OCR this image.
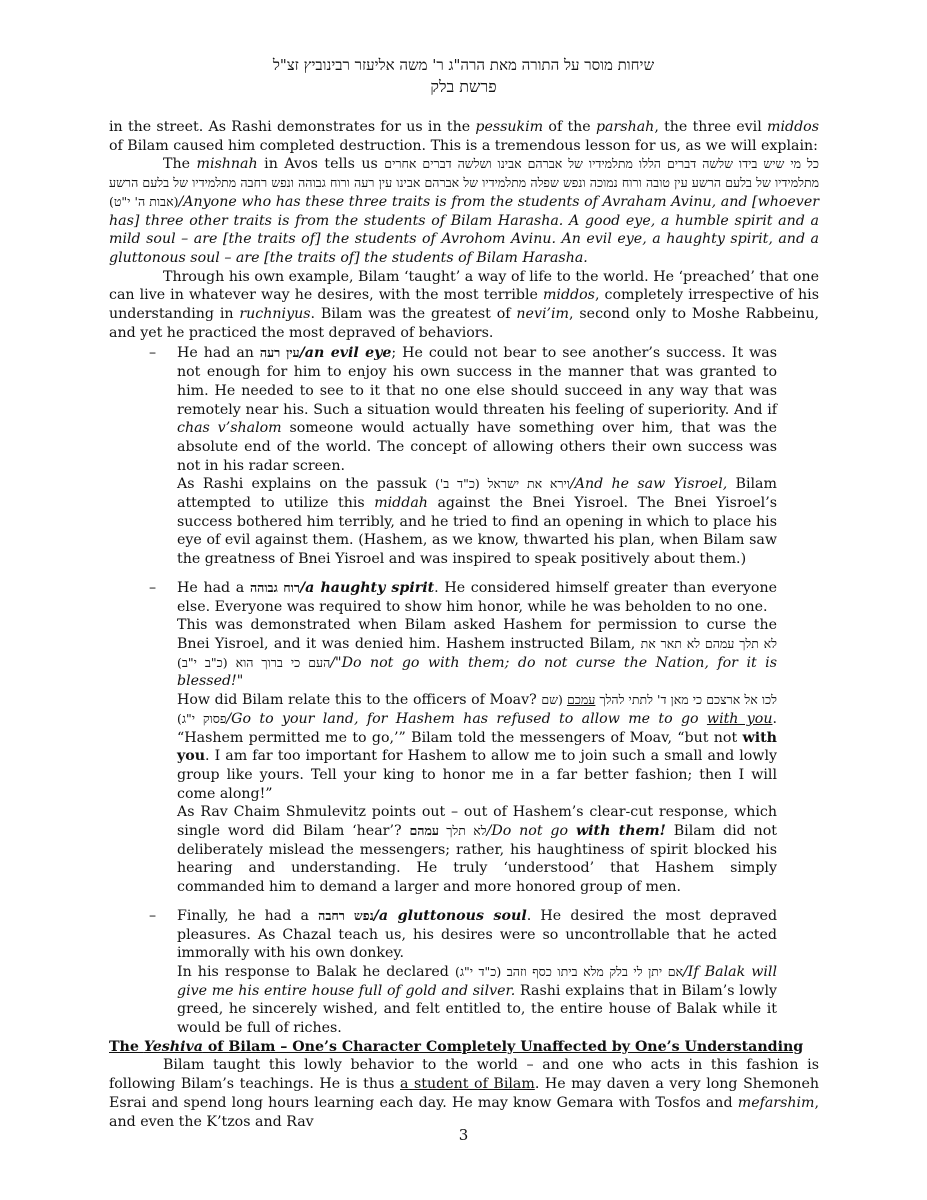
שיחות מוסר על התורה מאת הרה"ג ר' משה אליעזר רבינוביץ זצ"ל
פרשת בלק

in the street. As Rashi demonstrates for us in the pessukim of the parshah, the three evil middos of Bilam caused him completed destruction. This is a tremendous lesson for us, as we will explain:

The mishnah in Avos tells us כל מי שיש בידו שלשה דברים הללו מתלמידיו של אברהם אבינו ושלשה דברים אחרים מתלמידיו של בלעם הרשע עין טובה ורוח נמוכה ונפש שפלה מתלמידיו של אברהם אבינו עין רעה ורוח גבוהה ונפש רחבה מתלמידיו של בלעם הרשע (אבות ה' י"ט)/Anyone who has these three traits is from the students of Avraham Avinu, and [whoever has] three other traits is from the students of Bilam Harasha. A good eye, a humble spirit and a mild soul – are [the traits of] the students of Avrohom Avinu. An evil eye, a haughty spirit, and a gluttonous soul – are [the traits of] the students of Bilam Harasha.

Through his own example, Bilam ‘taught’ a way of life to the world. He ‘preached’ that one can live in whatever way he desires, with the most terrible middos, completely irrespective of his understanding in ruchniyus. Bilam was the greatest of nevi’im, second only to Moshe Rabbeinu, and yet he practiced the most depraved of behaviors.

– He had an עין רעה/an evil eye; He could not bear to see another’s success. It was not enough for him to enjoy his own success in the manner that was granted to him. He needed to see to it that no one else should succeed in any way that was remotely near his. Such a situation would threaten his feeling of superiority. And if chas v’shalom someone would actually have something over him, that was the absolute end of the world. The concept of allowing others their own success was not in his radar screen.

As Rashi explains on the passuk וירא את ישראל (כ"ד ב')/And he saw Yisroel, Bilam attempted to utilize this middah against the Bnei Yisroel. The Bnei Yisroel’s success bothered him terribly, and he tried to find an opening in which to place his eye of evil against them. (Hashem, as we know, thwarted his plan, when Bilam saw the greatness of Bnei Yisroel and was inspired to speak positively about them.)

– He had a רוח גבוהה/a haughty spirit. He considered himself greater than everyone else. Everyone was required to show him honor, while he was beholden to no one.

This was demonstrated when Bilam asked Hashem for permission to curse the Bnei Yisroel, and it was denied him. Hashem instructed Bilam, לא תלך עמהם לא תאר את העם כי ברוך הוא (כ"ב י"ב)/"Do not go with them; do not curse the Nation, for it is blessed!"

How did Bilam relate this to the officers of Moav?	לכו אל ארצכם כי מאן ד' לתתי להלך עמכם (שם פסוק י"ג)/Go to your land, for Hashem has refused to allow me to go with you. “Hashem permitted me to go,’” Bilam told the messengers of Moav, “but not with you. I am far too important for Hashem to allow me to join such a small and lowly group like yours. Tell your king to honor me in a far better fashion; then I will come along!”

As Rav Chaim Shmulevitz points out – out of Hashem’s clear-cut response, which single word did Bilam ‘hear’? לא תלך עמהם	/Do not go with them! Bilam did not deliberately mislead the messengers; rather, his haughtiness of spirit blocked his hearing and understanding. He truly ‘understood’ that Hashem simply commanded him to demand a larger and more honored group of men.

– Finally, he had a נפש רחבה/a gluttonous soul. He desired the most depraved pleasures. As Chazal teach us, his desires were so uncontrollable that he acted immorally with his own donkey.

In his response to Balak he declared אם יתן לי בלק מלא ביתו כסף וזהב (כ"ד י"ג)/If Balak will give me his entire house full of gold and silver. Rashi explains that in Bilam’s lowly greed, he sincerely wished, and felt entitled to, the entire house of Balak while it would be full of riches.

The Yeshiva of Bilam – One’s Character Completely Unaffected by One’s Understanding

Bilam taught this lowly behavior to the world – and one who acts in this fashion is following Bilam’s teachings. He is thus a student of Bilam. He may daven a very long Shemoneh Esrai and spend long hours learning each day. He may know Gemara with Tosfos and mefarshim, and even the K’tzos and Rav

3
